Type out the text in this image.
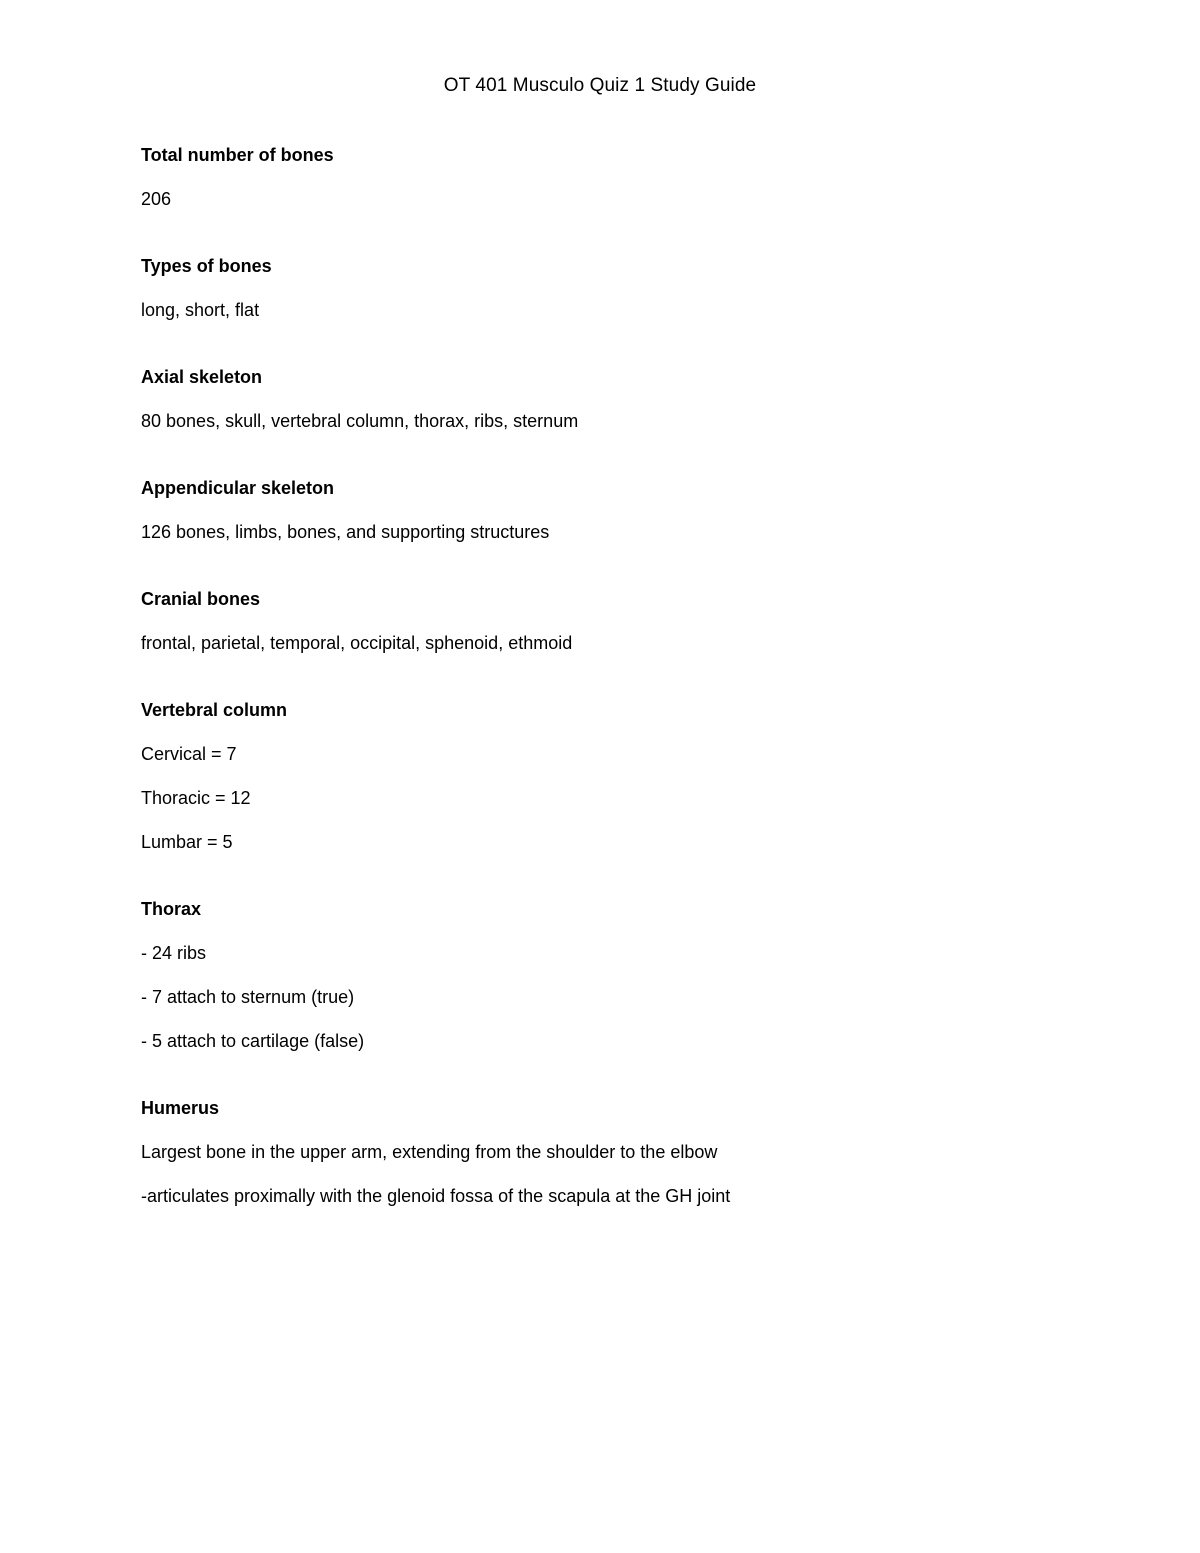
OT 401 Musculo Quiz 1 Study Guide
Total number of bones
206
Types of bones
long, short, flat
Axial skeleton
80 bones, skull, vertebral column, thorax, ribs, sternum
Appendicular skeleton
126 bones, limbs, bones, and supporting structures
Cranial bones
frontal, parietal, temporal, occipital, sphenoid, ethmoid
Vertebral column
Cervical = 7
Thoracic = 12
Lumbar = 5
Thorax
- 24 ribs
- 7 attach to sternum (true)
- 5 attach to cartilage (false)
Humerus
Largest bone in the upper arm, extending from the shoulder to the elbow
-articulates proximally with the glenoid fossa of the scapula at the GH joint
